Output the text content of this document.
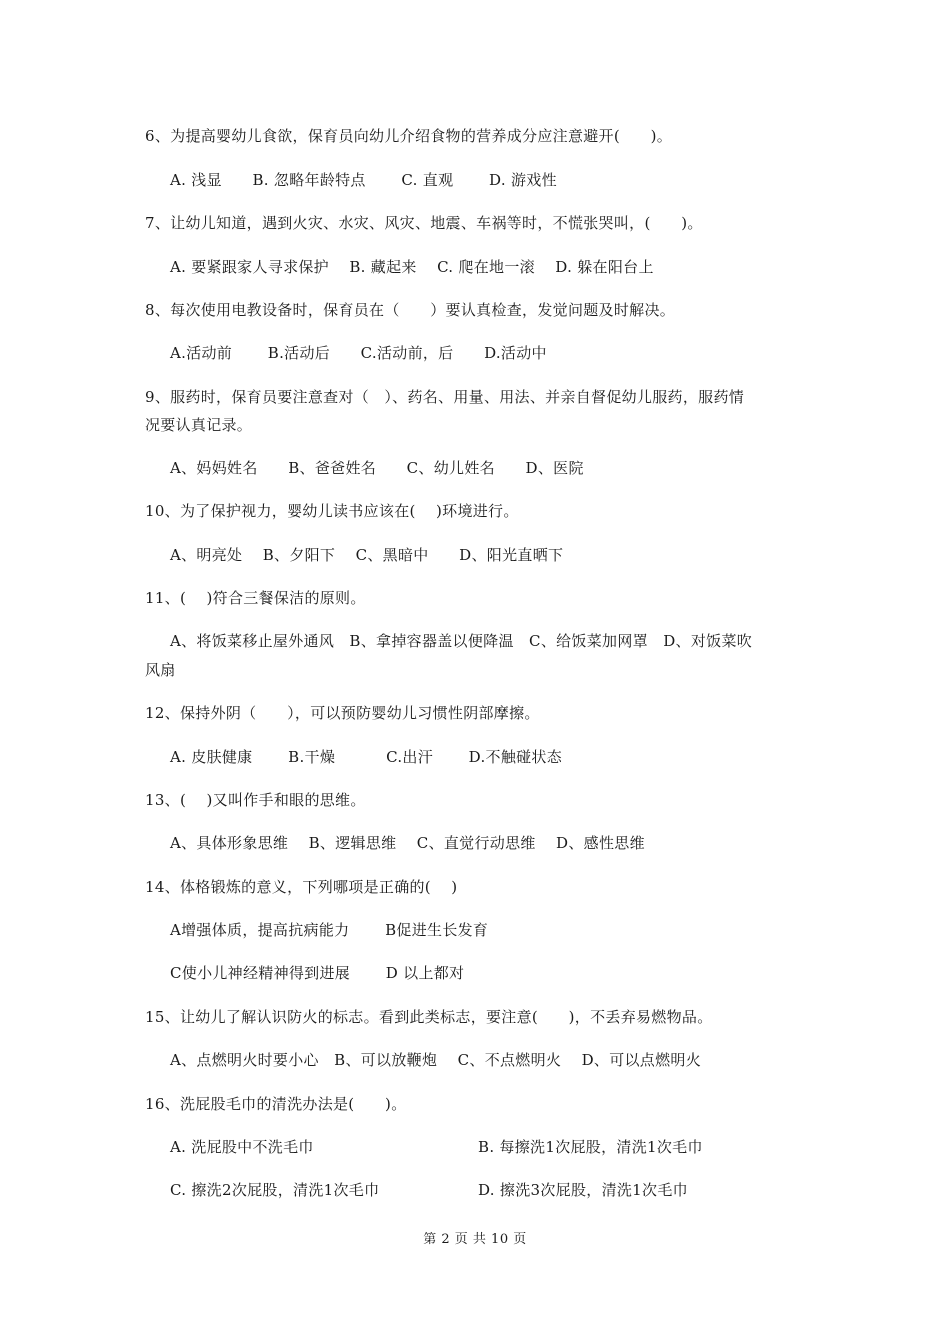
6、为提高婴幼儿食欲，保育员向幼儿介绍食物的营养成分应注意避开(　　)。
A. 浅显　　B. 忽略年龄特点　　 C. 直观　　 D. 游戏性
7、让幼儿知道，遇到火灾、水灾、风灾、地震、车祸等时，不慌张哭叫，(　　)。
A. 要紧跟家人寻求保护　 B. 藏起来　 C. 爬在地一滚　 D. 躲在阳台上
8、每次使用电教设备时，保育员在（　　）要认真检查，发觉问题及时解决。
A.活动前　　 B.活动后　　C.活动前，后　　D.活动中
9、服药时，保育员要注意查对（　）、药名、用量、用法、并亲自督促幼儿服药，服药情
况要认真记录。
A、妈妈姓名　　B、爸爸姓名　　C、幼儿姓名　　D、医院
10、为了保护视力，婴幼儿读书应该在(　 )环境进行。
A、明亮处　 B、夕阳下　 C、黑暗中　　D、阳光直晒下
11、(　 )符合三餐保洁的原则。
A、将饭菜移止屋外通风　B、拿掉容器盖以便降温　C、给饭菜加网罩　D、对饭菜吹
风扇
12、保持外阴（　　），可以预防婴幼儿习惯性阴部摩擦。
A. 皮肤健康　　 B.干燥　　　 C.出汗　　 D.不触碰状态
13、(　 )又叫作手和眼的思维。
A、具体形象思维　 B、逻辑思维　 C、直觉行动思维　 D、感性思维
14、体格锻炼的意义，下列哪项是正确的(　 )
A增强体质，提高抗病能力　　 B促进生长发育
C使小儿神经精神得到进展　　 D 以上都对
15、让幼儿了解认识防火的标志。看到此类标志，要注意(　　)，不丢弃易燃物品。
A、点燃明火时要小心　B、可以放鞭炮　 C、不点燃明火　 D、可以点燃明火
16、洗屁股毛巾的清洗办法是(　　)。
A. 洗屁股中不洗毛巾	B. 每擦洗1次屁股，清洗1次毛巾
C. 擦洗2次屁股，清洗1次毛巾	D. 擦洗3次屁股，清洗1次毛巾
第 2 页 共 10 页
